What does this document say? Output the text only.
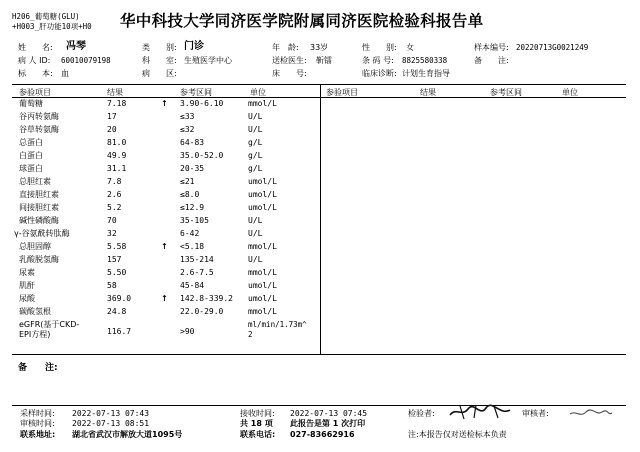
H206_葡萄糖(GLU)
+H003_肝功能10项+H0 华中科技大学同济医学院附属同济医院检验科报告单
姓　　名: 冯琴	类　　别: 门诊	年　龄: 33岁	性　　别: 女	样本编号: 20220713G0021249
病 人 ID: 60010079198	科　　室: 生殖医学中心	送检医生: 靳镭	条 码 号: 8825580338	备　　注:
标　　本: 血	病　　区:	床　　号:	临床诊断: 计划生育指导
参验项目	结果	参考区间	单位	参验项目	结果	参考区间	单位
葡萄糖	7.18	↑ 3.90-6.10	mmol/L
谷丙转氨酶	17	≤33	U/L
谷草转氨酶	20	≤32	U/L
总蛋白	81.0	64-83	g/L
白蛋白	49.9	35.0-52.0	g/L
球蛋白	31.1	20-35	g/L
总胆红素	7.8	≤21	umol/L
直接胆红素	2.6	≤8.0	umol/L
间接胆红素	5.2	≤12.9	umol/L
碱性磷酸酶	70	35-105	U/L
γ-谷氨酰转肽酶	32	6-42	U/L
总胆固醇	5.58	↑ <5.18	mmol/L
乳酸脱氢酶	157	135-214	U/L
尿素	5.50	2.6-7.5	mmol/L
肌酐	58	45-84	umol/L
尿酸	369.0	↑ 142.8-339.2 umol/L
碳酸氢根	24.8	22.0-29.0	mmol/L
eGFR(基于CKD-
EPI方程)	116.7	>90
ml/min/1.73m^
2
备　　注:
采样时间: 2022-07-13 07:43	接收时间: 2022-07-13 07:45	检验者:	审核者:
审核时间: 2022-07-13 08:51	共 18 项 此报告是第 1 次打印
联系地址: 湖北省武汉市解放大道1095号	联系电话: 027-83662916	注:本报告仅对送检标本负责
